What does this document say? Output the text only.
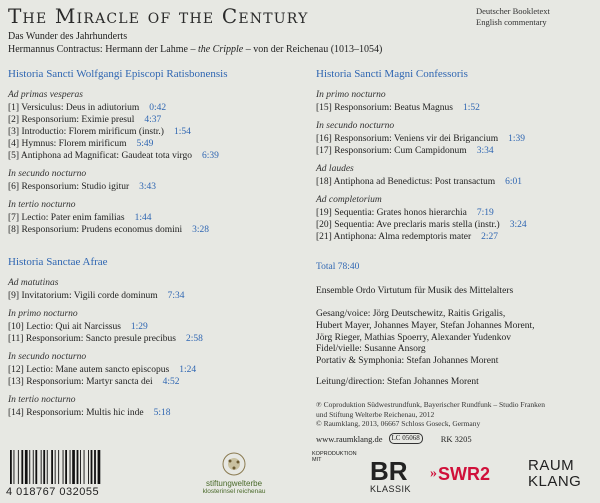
The Miracle of the Century
Das Wunder des Jahrhunderts
Hermannus Contractus: Hermann der Lahme – the Cripple – von der Reichenau (1013–1054)
Deutscher Bookletext
English commentary
Historia Sancti Wolfgangi Episcopi Ratisbonensis
Ad primas vesperas
[1] Versiculus: Deus in adiutorium 0:42
[2] Responsorium: Eximie presul 4:37
[3] Introductio: Florem mirificum (instr.) 1:54
[4] Hymnus: Florem mirificum 5:49
[5] Antiphona ad Magnificat: Gaudeat tota virgo 6:39
In secundo nocturno
[6] Responsorium: Studio igitur 3:43
In tertio nocturno
[7] Lectio: Pater enim familias 1:44
[8] Responsorium: Prudens economus domini 3:28
Historia Sanctae Afrae
Ad matutinas
[9] Invitatorium: Vigili corde dominum 7:34
In primo nocturno
[10] Lectio: Qui ait Narcissus 1:29
[11] Responsorium: Sancto presule precibus 2:58
In secundo nocturno
[12] Lectio: Mane autem sancto episcopus 1:24
[13] Responsorium: Martyr sancta dei 4:52
In tertio nocturno
[14] Responsorium: Multis hic inde 5:18
Historia Sancti Magni Confessoris
In primo nocturno
[15] Responsorium: Beatus Magnus 1:52
In secundo nocturno
[16] Responsorium: Veniens vir dei Brigancium 1:39
[17] Responsorium: Cum Campidonum 3:34
Ad laudes
[18] Antiphona ad Benedictus: Post transactum 6:01
Ad completorium
[19] Sequentia: Grates honos hierarchia 7:19
[20] Sequentia: Ave preclaris maris stella (instr.) 3:24
[21] Antiphona: Alma redemptoris mater 2:27
Total 78:40
Ensemble Ordo Virtutum für Musik des Mittelalters
Gesang/voice: Jörg Deutschewitz, Raitis Grigalis,
Hubert Mayer, Johannes Mayer, Stefan Johannes Morent,
Jörg Rieger, Mathias Spoerry, Alexander Yudenkov
Fidel/vielle: Susanne Ansorg
Portativ & Symphonia: Stefan Johannes Morent
Leitung/direction: Stefan Johannes Morent
℗ Coproduktion Südwestrundfunk, Bayerischer Rundfunk – Studio Franken
und Stiftung Welterbe Reichenau, 2012
© Raumklang, 2013, 06667 Schloss Goseck, Germany
www.raumklang.de	LC 05068	RK 3205
4 018767 032055
stiftungwelterbe
klosterinsel reichenau
KOPRODUKTION MIT	BR
KLASSIK
» SWR2	RAUM
KLANG
